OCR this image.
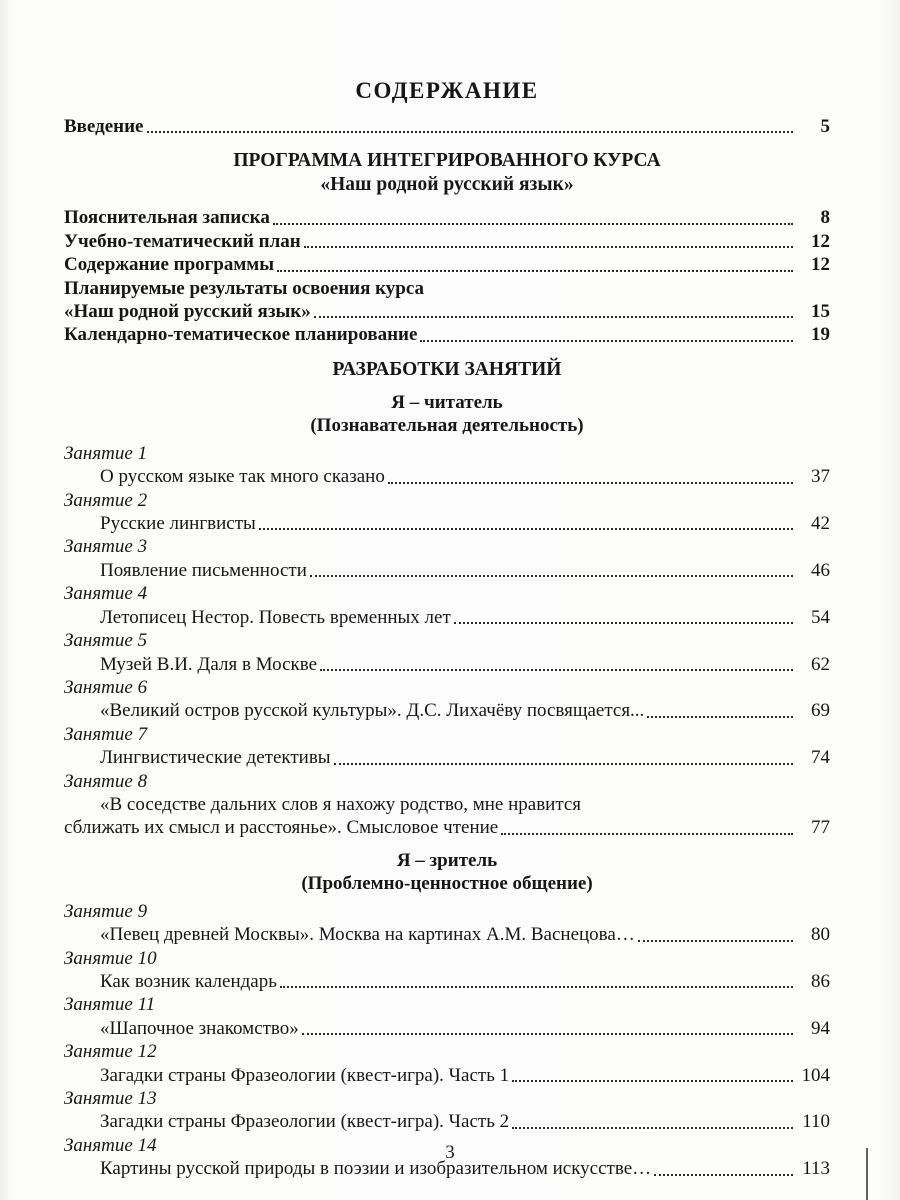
СОДЕРЖАНИЕ
Введение	5
ПРОГРАММА ИНТЕГРИРОВАННОГО КУРСА
«Наш родной русский язык»
Пояснительная записка	8
Учебно-тематический план	12
Содержание программы	12
Планируемые результаты освоения курса
«Наш родной русский язык»	15
Календарно-тематическое планирование	19
РАЗРАБОТКИ ЗАНЯТИЙ
Я – читатель
(Познавательная деятельность)
Занятие 1
О русском языке так много сказано	37
Занятие 2
Русские лингвисты	42
Занятие 3
Появление письменности	46
Занятие 4
Летописец Нестор. Повесть временных лет	54
Занятие 5
Музей В.И. Даля в Москве	62
Занятие 6
«Великий остров русской культуры». Д.С. Лихачёву посвящается...	69
Занятие 7
Лингвистические детективы	74
Занятие 8
«В соседстве дальних слов я нахожу родство, мне нравится
сближать их смысл и расстоянье». Смысловое чтение	77
Я – зритель
(Проблемно-ценностное общение)
Занятие 9
«Певец древней Москвы». Москва на картинах А.М. Васнецова…	80
Занятие 10
Как возник календарь	86
Занятие 11
«Шапочное знакомство»	94
Занятие 12
Загадки страны Фразеологии (квест-игра). Часть 1	104
Занятие 13
Загадки страны Фразеологии (квест-игра). Часть 2	110
Занятие 14
Картины русской природы в поэзии и изобразительном искусстве…	113
3
